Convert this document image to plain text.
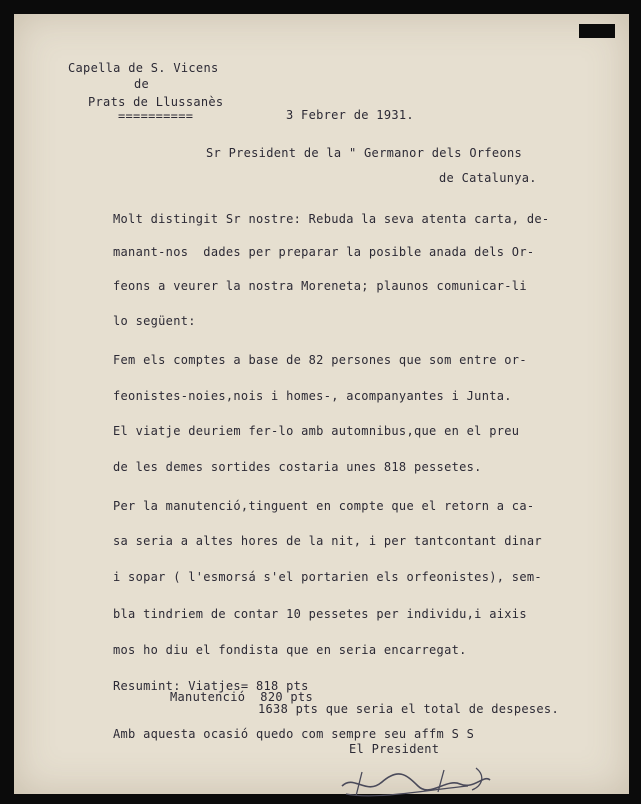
Capella de S. Vicens
de
Prats de Llussanès
==========	3 Febrer de 1931.
Sr President de la " Germanor dels Orfeons
de Catalunya.
Molt distingit Sr nostre: Rebuda la seva atenta carta, de-
manant-nos  dades per preparar la posible anada dels Or-
feons a veurer la nostra Moreneta; plaunos comunicar-li
lo següent:
Fem els comptes a base de 82 persones que som entre or-
feonistes-noies,nois i homes-, acompanyantes i Junta.
El viatje deuriem fer-lo amb automnibus,que en el preu
de les demes sortides costaria unes 818 pessetes.
Per la manutenció,tinguent en compte que el retorn a ca-
sa seria a altes hores de la nit, i per tantcontant dinar
i sopar ( l'esmorsá s'el portarien els orfeonistes), sem-
bla tindriem de contar 10 pessetes per individu,i aixis
mos ho diu el fondista que en seria encarregat.
Resumint: Viatjes= 818 pts
Manutenció  820 pts
1638 pts que seria el total de despeses.
Amb aquesta ocasió quedo com sempre seu affm S S
El President
